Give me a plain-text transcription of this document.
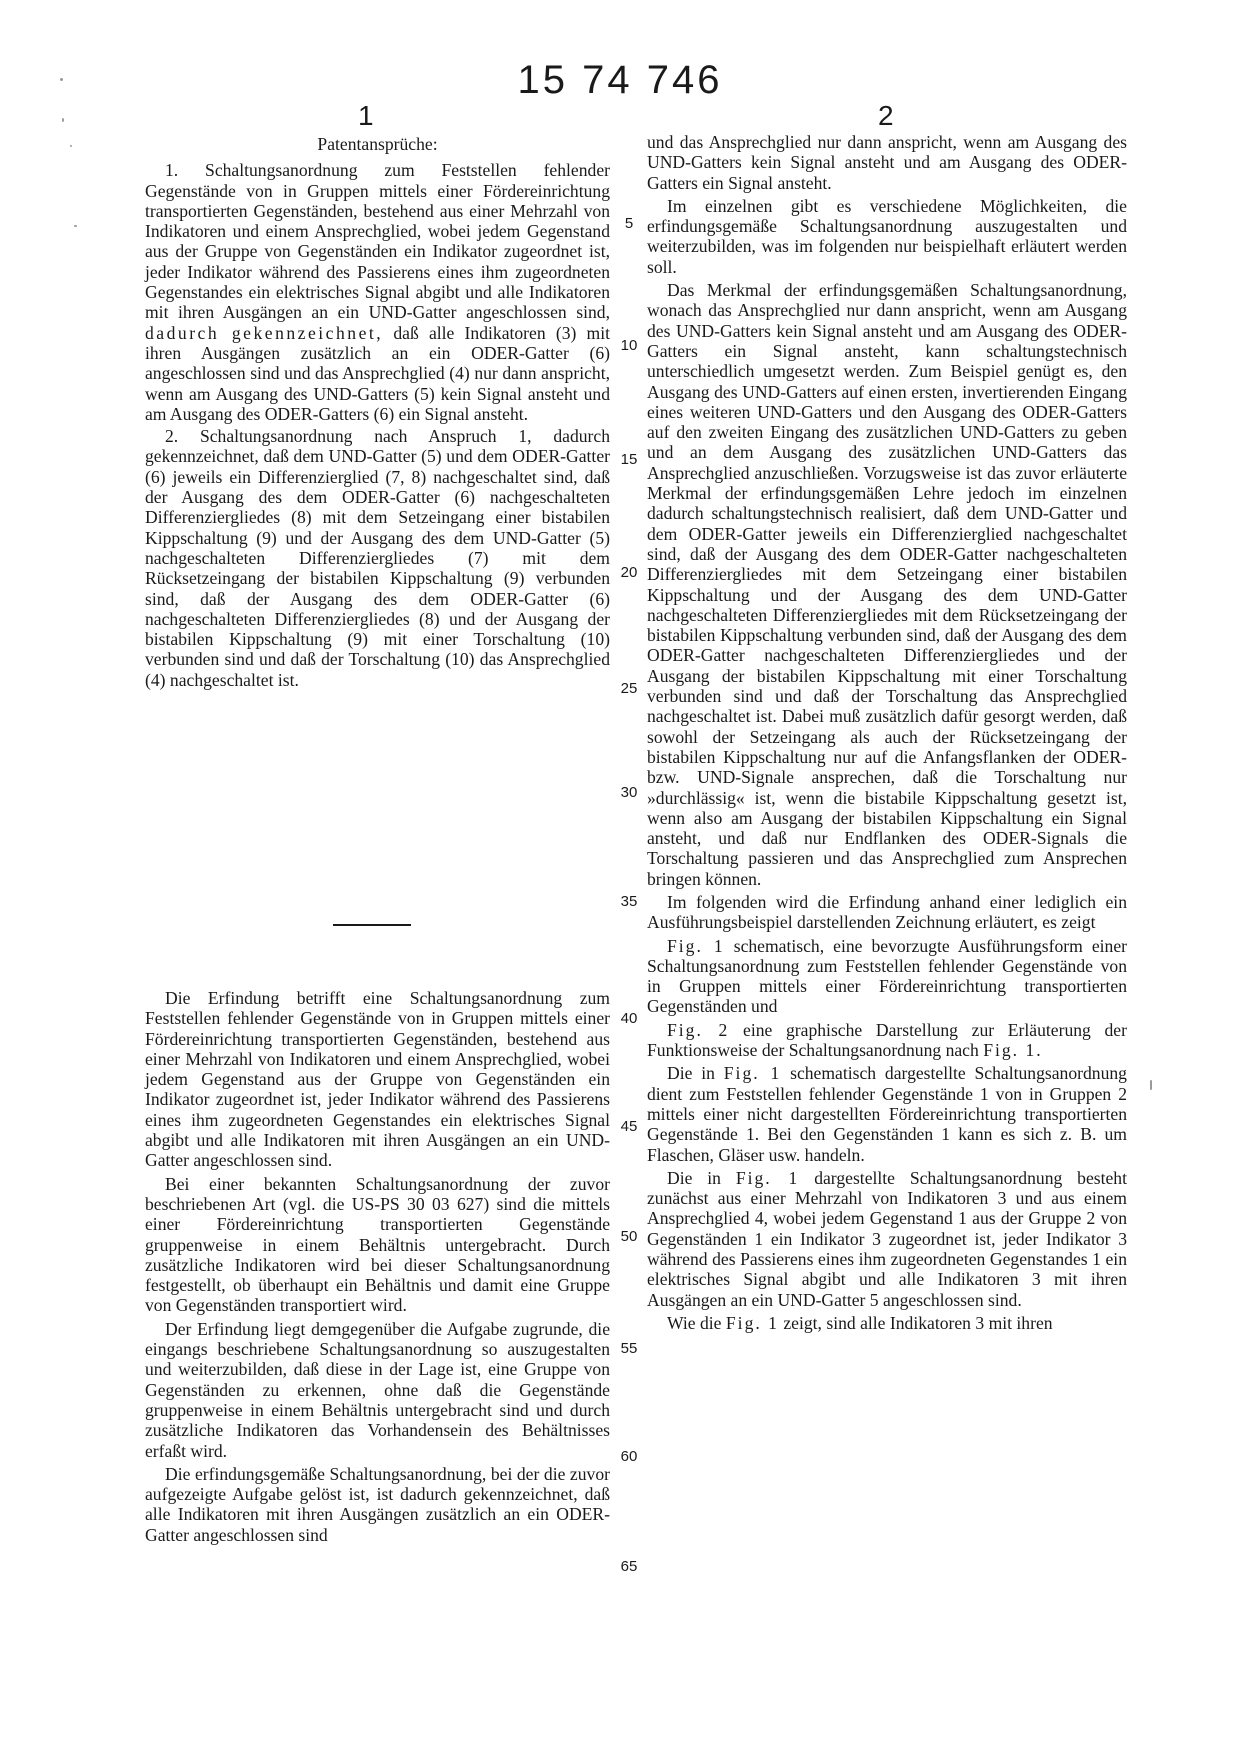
15 74 746
1	2

Patentansprüche:

1. Schaltungsanordnung zum Feststellen fehlender Gegenstände von in Gruppen mittels einer Fördereinrichtung transportierten Gegenständen, bestehend aus einer Mehrzahl von Indikatoren und einem Ansprechglied, wobei jedem Gegenstand aus der Gruppe von Gegenständen ein Indikator zugeordnet ist, jeder Indikator während des Passierens eines ihm zugeordneten Gegenstandes ein elektrisches Signal abgibt und alle Indikatoren mit ihren Ausgängen an ein UND-Gatter angeschlossen sind, dadurch gekennzeichnet, daß alle Indikatoren (3) mit ihren Ausgängen zusätzlich an ein ODER-Gatter (6) angeschlossen sind und das Ansprechglied (4) nur dann anspricht, wenn am Ausgang des UND-Gatters (5) kein Signal ansteht und am Ausgang des ODER-Gatters (6) ein Signal ansteht.

2. Schaltungsanordnung nach Anspruch 1, dadurch gekennzeichnet, daß dem UND-Gatter (5) und dem ODER-Gatter (6) jeweils ein Differenzierglied (7, 8) nachgeschaltet sind, daß der Ausgang des dem ODER-Gatter (6) nachgeschalteten Differenziergliedes (8) mit dem Setzeingang einer bistabilen Kippschaltung (9) und der Ausgang des dem UND-Gatter (5) nachgeschalteten Differenziergliedes (7) mit dem Rücksetzeingang der bistabilen Kippschaltung (9) verbunden sind, daß der Ausgang des dem ODER-Gatter (6) nachgeschalteten Differenziergliedes (8) und der Ausgang der bistabilen Kippschaltung (9) mit einer Torschaltung (10) verbunden sind und daß der Torschaltung (10) das Ansprechglied (4) nachgeschaltet ist.

Die Erfindung betrifft eine Schaltungsanordnung zum Feststellen fehlender Gegenstände von in Gruppen mittels einer Fördereinrichtung transportierten Gegenständen, bestehend aus einer Mehrzahl von Indikatoren und einem Ansprechglied, wobei jedem Gegenstand aus der Gruppe von Gegenständen ein Indikator zugeordnet ist, jeder Indikator während des Passierens eines ihm zugeordneten Gegenstandes ein elektrisches Signal abgibt und alle Indikatoren mit ihren Ausgängen an ein UND-Gatter angeschlossen sind.

Bei einer bekannten Schaltungsanordnung der zuvor beschriebenen Art (vgl. die US-PS 30 03 627) sind die mittels einer Fördereinrichtung transportierten Gegenstände gruppenweise in einem Behältnis untergebracht. Durch zusätzliche Indikatoren wird bei dieser Schaltungsanordnung festgestellt, ob überhaupt ein Behältnis und damit eine Gruppe von Gegenständen transportiert wird.

Der Erfindung liegt demgegenüber die Aufgabe zugrunde, die eingangs beschriebene Schaltungsanordnung so auszugestalten und weiterzubilden, daß diese in der Lage ist, eine Gruppe von Gegenständen zu erkennen, ohne daß die Gegenstände gruppenweise in einem Behältnis untergebracht sind und durch zusätzliche Indikatoren das Vorhandensein des Behältnisses erfaßt wird.

Die erfindungsgemäße Schaltungsanordnung, bei der die zuvor aufgezeigte Aufgabe gelöst ist, ist dadurch gekennzeichnet, daß alle Indikatoren mit ihren Ausgängen zusätzlich an ein ODER-Gatter angeschlossen sind

5
10
15
20
25
30
35
40
45
50
55
60
65

und das Ansprechglied nur dann anspricht, wenn am Ausgang des UND-Gatters kein Signal ansteht und am Ausgang des ODER-Gatters ein Signal ansteht.

Im einzelnen gibt es verschiedene Möglichkeiten, die erfindungsgemäße Schaltungsanordnung auszugestalten und weiterzubilden, was im folgenden nur beispielhaft erläutert werden soll.

Das Merkmal der erfindungsgemäßen Schaltungsanordnung, wonach das Ansprechglied nur dann anspricht, wenn am Ausgang des UND-Gatters kein Signal ansteht und am Ausgang des ODER-Gatters ein Signal ansteht, kann schaltungstechnisch unterschiedlich umgesetzt werden. Zum Beispiel genügt es, den Ausgang des UND-Gatters auf einen ersten, invertierenden Eingang eines weiteren UND-Gatters und den Ausgang des ODER-Gatters auf den zweiten Eingang des zusätzlichen UND-Gatters zu geben und an dem Ausgang des zusätzlichen UND-Gatters das Ansprechglied anzuschließen. Vorzugsweise ist das zuvor erläuterte Merkmal der erfindungsgemäßen Lehre jedoch im einzelnen dadurch schaltungstechnisch realisiert, daß dem UND-Gatter und dem ODER-Gatter jeweils ein Differenzierglied nachgeschaltet sind, daß der Ausgang des dem ODER-Gatter nachgeschalteten Differenziergliedes mit dem Setzeingang einer bistabilen Kippschaltung und der Ausgang des dem UND-Gatter nachgeschalteten Differenziergliedes mit dem Rücksetzeingang der bistabilen Kippschaltung verbunden sind, daß der Ausgang des dem ODER-Gatter nachgeschalteten Differenziergliedes und der Ausgang der bistabilen Kippschaltung mit einer Torschaltung verbunden sind und daß der Torschaltung das Ansprechglied nachgeschaltet ist. Dabei muß zusätzlich dafür gesorgt werden, daß sowohl der Setzeingang als auch der Rücksetzeingang der bistabilen Kippschaltung nur auf die Anfangsflanken der ODER- bzw. UND-Signale ansprechen, daß die Torschaltung nur »durchlässig« ist, wenn die bistabile Kippschaltung gesetzt ist, wenn also am Ausgang der bistabilen Kippschaltung ein Signal ansteht, und daß nur Endflanken des ODER-Signals die Torschaltung passieren und das Ansprechglied zum Ansprechen bringen können.

Im folgenden wird die Erfindung anhand einer lediglich ein Ausführungsbeispiel darstellenden Zeichnung erläutert, es zeigt

Fig. 1 schematisch, eine bevorzugte Ausführungsform einer Schaltungsanordnung zum Feststellen fehlender Gegenstände von in Gruppen mittels einer Fördereinrichtung transportierten Gegenständen und

Fig. 2 eine graphische Darstellung zur Erläuterung der Funktionsweise der Schaltungsanordnung nach Fig. 1.

Die in Fig. 1 schematisch dargestellte Schaltungsanordnung dient zum Feststellen fehlender Gegenstände 1 von in Gruppen 2 mittels einer nicht dargestellten Fördereinrichtung transportierten Gegenstände 1. Bei den Gegenständen 1 kann es sich z. B. um Flaschen, Gläser usw. handeln.

Die in Fig. 1 dargestellte Schaltungsanordnung besteht zunächst aus einer Mehrzahl von Indikatoren 3 und aus einem Ansprechglied 4, wobei jedem Gegenstand 1 aus der Gruppe 2 von Gegenständen 1 ein Indikator 3 zugeordnet ist, jeder Indikator 3 während des Passierens eines ihm zugeordneten Gegenstandes 1 ein elektrisches Signal abgibt und alle Indikatoren 3 mit ihren Ausgängen an ein UND-Gatter 5 angeschlossen sind.

Wie die Fig. 1 zeigt, sind alle Indikatoren 3 mit ihren
